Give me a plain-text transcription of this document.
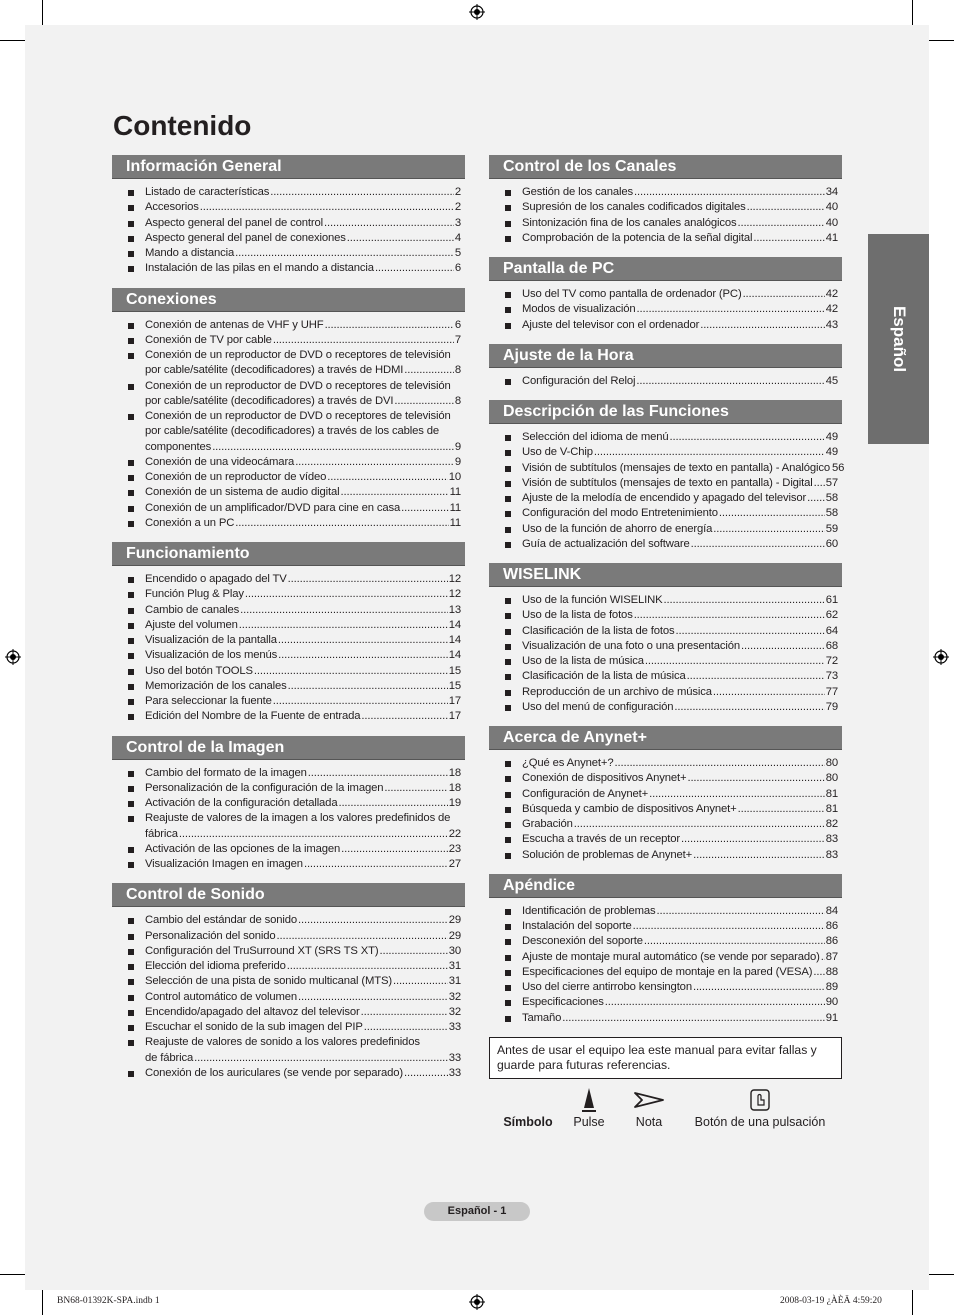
Contenido
Información General
Listado de características .....	2
Accesorios .....	2
Aspecto general del panel de control .....	3
Aspecto general del panel de conexiones .....	4
Mando a distancia .....	5
Instalación de las pilas en el mando a distancia .....	6
Conexiones
Conexión de antenas de VHF y UHF .....	6
Conexión de TV por cable .....	7
Conexión de un reproductor de DVD o receptores de televisión
por cable/satélite (decodificadores) a través de HDMI .....	8
Conexión de un reproductor de DVD o receptores de televisión
por cable/satélite (decodificadores) a través de DVI .....	8
Conexión de un reproductor de DVD o receptores de televisión
por cable/satélite (decodificadores) a través de los cables de
componentes .....	9
Conexión de una videocámara .....	9
Conexión de un reproductor de vídeo .....	10
Conexión de un sistema de audio digital .....	11
Conexión de un amplificador/DVD para cine en casa .....	11
Conexión a un PC .....	11
Funcionamiento
Encendido o apagado del TV .....	12
Función Plug & Play .....	12
Cambio de canales .....	13
Ajuste del volumen .....	14
Visualización de la pantalla .....	14
Visualización de los menús .....	14
Uso del botón TOOLS .....	15
Memorización de los canales .....	15
Para seleccionar la fuente .....	17
Edición del Nombre de la Fuente de entrada .....	17
Control de la Imagen
Cambio del formato de la imagen .....	18
Personalización de la configuración de la imagen .....	18
Activación de la configuración detallada .....	19
Reajuste de valores de la imagen a los valores predefinidos de
fábrica .....	22
Activación de las opciones de la imagen .....	23
Visualización Imagen en imagen .....	27
Control de Sonido
Cambio del estándar de sonido .....	29
Personalización del sonido .....	29
Configuración del TruSurround XT (SRS TS XT) .....	30
Elección del idioma preferido .....	31
Selección de una pista de sonido multicanal (MTS) .....	31
Control automático de volumen .....	32
Encendido/apagado del altavoz del televisor .....	32
Escuchar el sonido de la sub imagen del PIP .....	33
Reajuste de valores de sonido a los valores predefinidos
de fábrica .....	33
Conexión de los auriculares (se vende por separado) .....	33
Control de los Canales
Gestión de los canales .....	34
Supresión de los canales codificados digitales .....	40
Sintonización fina de los canales analógicos .....	40
Comprobación de la potencia de la señal digital .....	41
Pantalla de PC
Uso del TV como pantalla de ordenador (PC) .....	42
Modos de visualización .....	42
Ajuste del televisor con el ordenador .....	43
Ajuste de la Hora
Configuración del Reloj .....	45
Descripción de las Funciones
Selección del idioma de menú .....	49
Uso de V-Chip .....	49
Visión de subtítulos (mensajes de texto en pantalla) - Analógico 56
Visión de subtítulos (mensajes de texto en pantalla) - Digital ..... 57
Ajuste de la melodía de encendido y apagado del televisor ..... 58
Configuración del modo Entretenimiento .....	58
Uso de la función de ahorro de energía .....	59
Guía de actualización del software .....	60
WISELINK
Uso de la función WISELINK .....	61
Uso de la lista de fotos .....	62
Clasificación de la lista de fotos .....	64
Visualización de una foto o una presentación .....	68
Uso de la lista de música .....	72
Clasificación de la lista de música .....	73
Reproducción de un archivo de música .....	77
Uso del menú de configuración .....	79
Acerca de Anynet+
¿Qué es Anynet+? .....	80
Conexión de dispositivos Anynet+ .....	80
Configuración de Anynet+ .....	81
Búsqueda y cambio de dispositivos Anynet+ .....	81
Grabación .....	82
Escucha a través de un receptor .....	83
Solución de problemas de Anynet+ .....	83
Apéndice
Identificación de problemas .....	84
Instalación del soporte .....	86
Desconexión del soporte .....	86
Ajuste de montaje mural automático (se vende por separado) ..... 87
Especificaciones del equipo de montaje en la pared (VESA) ..... 88
Uso del cierre antirrobo kensington .....	89
Especificaciones .....	90
Tamaño .....	91
Antes de usar el equipo lea este manual para evitar fallas y guarde para futuras referencias.
Símbolo	Pulse	Nota	Botón de una pulsación
Español
Español - 1
BN68-01392K-SPA.indb 1	2008-03-19 ¿ÀÈÄ 4:59:20
